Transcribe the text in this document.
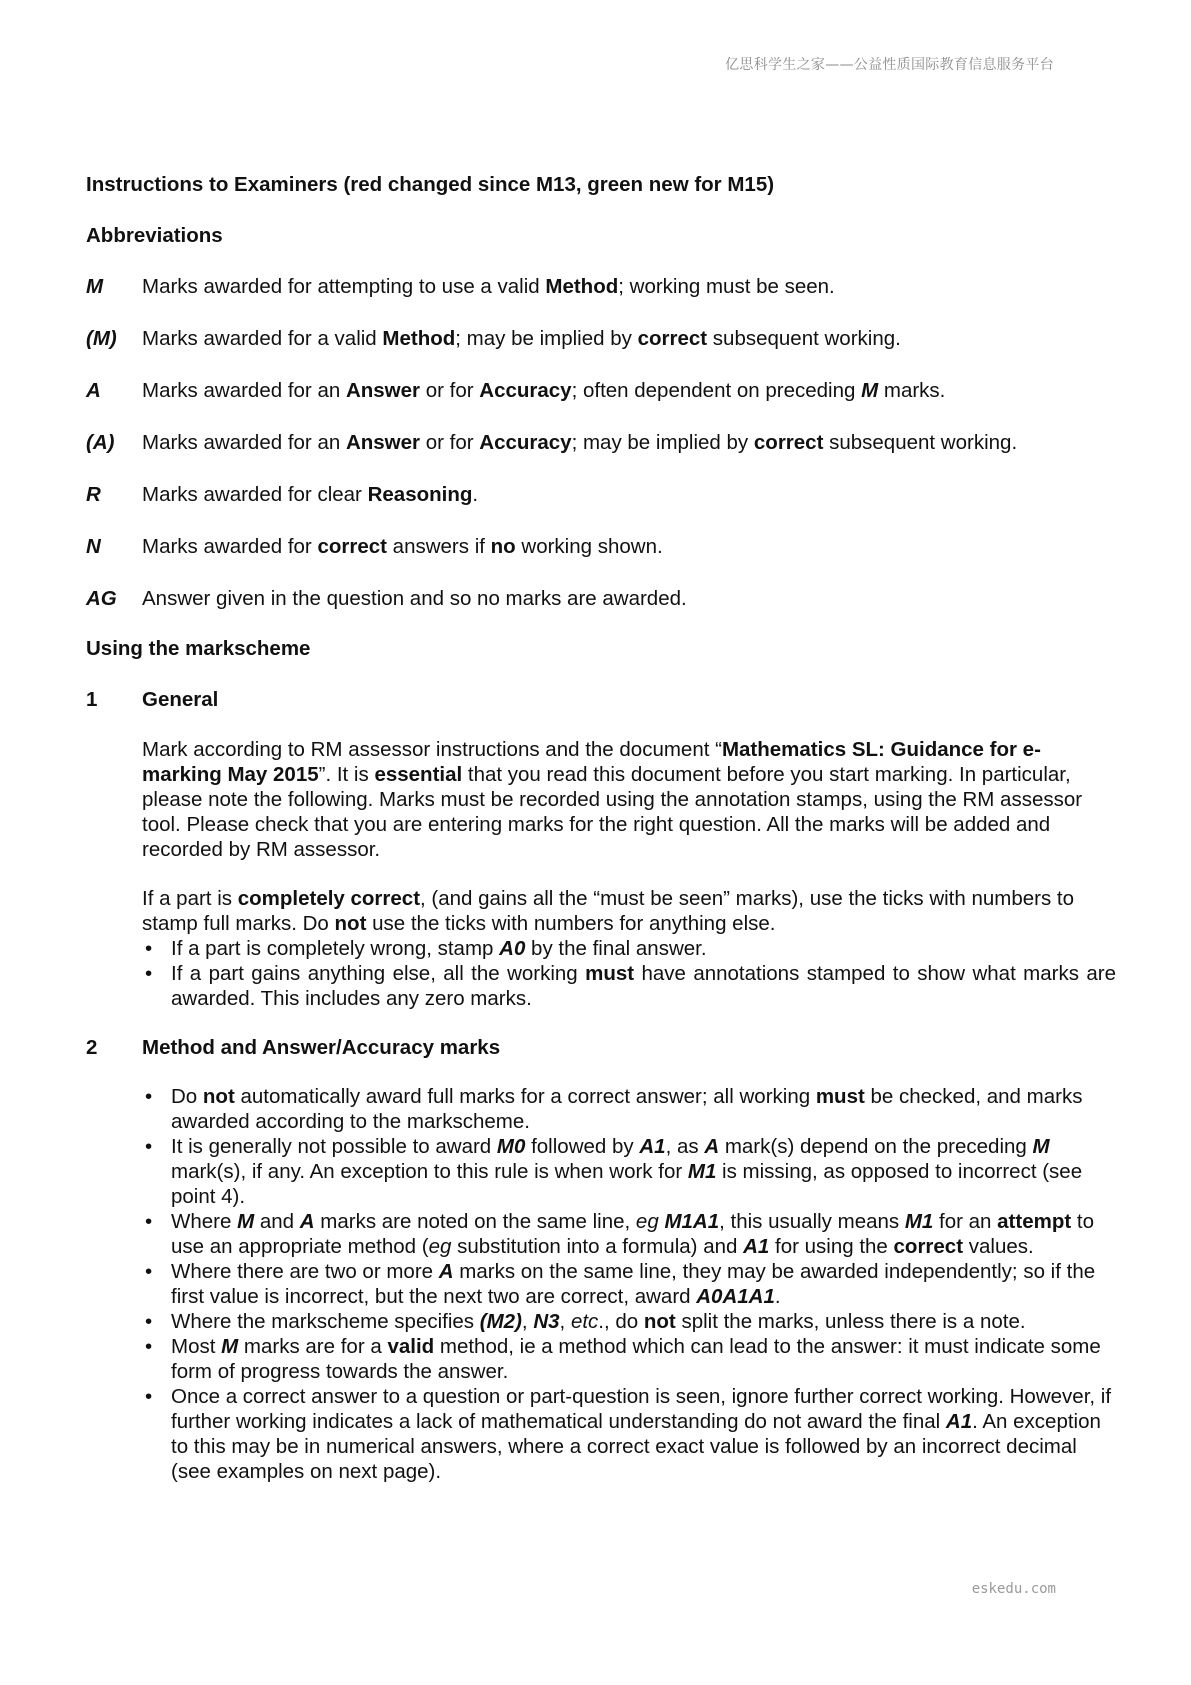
亿思科学生之家——公益性质国际教育信息服务平台
Instructions to Examiners (red changed since M13, green new for M15)
Abbreviations
M	Marks awarded for attempting to use a valid Method; working must be seen.
(M)	Marks awarded for a valid Method; may be implied by correct subsequent working.
A	Marks awarded for an Answer or for Accuracy; often dependent on preceding M marks.
(A)	Marks awarded for an Answer or for Accuracy; may be implied by correct subsequent working.
R	Marks awarded for clear Reasoning.
N	Marks awarded for correct answers if no working shown.
AG	Answer given in the question and so no marks are awarded.
Using the markscheme
1	General

Mark according to RM assessor instructions and the document “Mathematics SL: Guidance for e-marking May 2015”. It is essential that you read this document before you start marking. In particular, please note the following. Marks must be recorded using the annotation stamps, using the RM assessor tool. Please check that you are entering marks for the right question. All the marks will be added and recorded by RM assessor.

If a part is completely correct, (and gains all the “must be seen” marks), use the ticks with numbers to stamp full marks. Do not use the ticks with numbers for anything else.

• If a part is completely wrong, stamp A0 by the final answer.
• If a part gains anything else, all the working must have annotations stamped to show what marks are awarded. This includes any zero marks.
2	Method and Answer/Accuracy marks
• Do not automatically award full marks for a correct answer; all working must be checked, and marks awarded according to the markscheme.
• It is generally not possible to award M0 followed by A1, as A mark(s) depend on the preceding M mark(s), if any. An exception to this rule is when work for M1 is missing, as opposed to incorrect (see point 4).
• Where M and A marks are noted on the same line, eg M1A1, this usually means M1 for an attempt to use an appropriate method (eg substitution into a formula) and A1 for using the correct values.
• Where there are two or more A marks on the same line, they may be awarded independently; so if the first value is incorrect, but the next two are correct, award A0A1A1.
• Where the markscheme specifies (M2), N3, etc., do not split the marks, unless there is a note.
• Most M marks are for a valid method, ie a method which can lead to the answer: it must indicate some form of progress towards the answer.
• Once a correct answer to a question or part-question is seen, ignore further correct working. However, if further working indicates a lack of mathematical understanding do not award the final A1. An exception to this may be in numerical answers, where a correct exact value is followed by an incorrect decimal (see examples on next page).
eskedu.com
